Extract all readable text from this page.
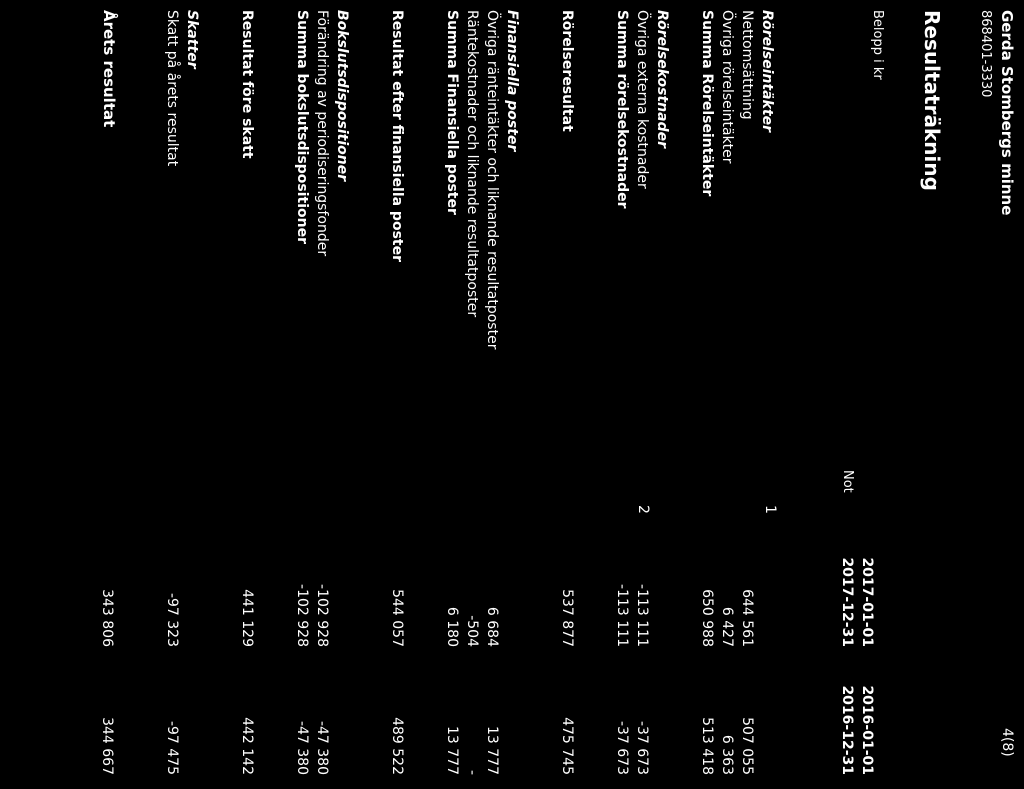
Gerda Stombergs minne
868401-3330
4(8)
Resultaträkning
Belopp i kr
Not
2017-01-01
2017-12-31
2016-01-01
2016-12-31
Rörelseintäkter
Nettomsättning
1
644 561
507 055
Övriga rörelseintäkter
6 427
6 363
Summa Rörelseintäkter
650 988
513 418
Rörelsekostnader
Övriga externa kostnader
2
-113 111
-37 673
Summa rörelsekostnader
-113 111
-37 673
Rörelseresultat
537 877
475 745
Finansiella poster
Övriga ränteintäkter och liknande resultatposter
6 684
13 777
Räntekostnader och liknande resultatposter
-504
-
Summa Finansiella poster
6 180
13 777
Resultat efter finansiella poster
544 057
489 522
Bokslutsdispositioner
Förändring av periodiseringsfonder
-102 928
-47 380
Summa bokslutsdispositioner
-102 928
-47 380
Resultat före skatt
441 129
442 142
Skatter
Skatt på årets resultat
-97 323
-97 475
Årets resultat
343 806
344 667
